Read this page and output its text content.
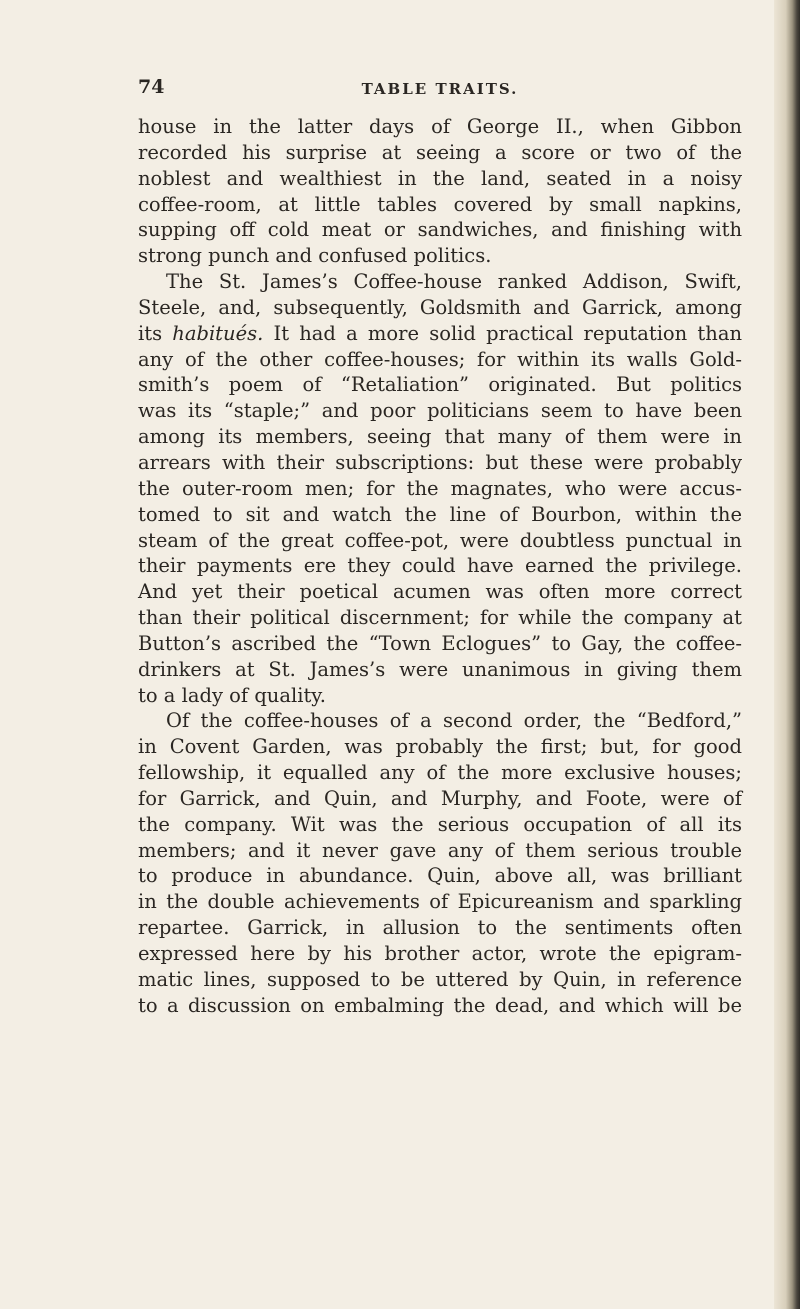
74	TABLE TRAITS.
house in the latter days of George II., when Gibbon
recorded his surprise at seeing a score or two of the
noblest and wealthiest in the land, seated in a noisy
coffee-room, at little tables covered by small napkins,
supping off cold meat or sandwiches, and finishing with
strong punch and confused politics.
The St. James’s Coffee-house ranked Addison, Swift,
Steele, and, subsequently, Goldsmith and Garrick, among
its habitués. It had a more solid practical reputation than
any of the other coffee-houses; for within its walls Gold-
smith’s poem of “Retaliation” originated. But politics
was its “staple;” and poor politicians seem to have been
among its members, seeing that many of them were in
arrears with their subscriptions: but these were probably
the outer-room men; for the magnates, who were accus-
tomed to sit and watch the line of Bourbon, within the
steam of the great coffee-pot, were doubtless punctual in
their payments ere they could have earned the privilege.
And yet their poetical acumen was often more correct
than their political discernment; for while the company at
Button’s ascribed the “Town Eclogues” to Gay, the coffee-
drinkers at St. James’s were unanimous in giving them
to a lady of quality.
Of the coffee-houses of a second order, the “Bedford,”
in Covent Garden, was probably the first; but, for good
fellowship, it equalled any of the more exclusive houses;
for Garrick, and Quin, and Murphy, and Foote, were of
the company. Wit was the serious occupation of all its
members; and it never gave any of them serious trouble
to produce in abundance. Quin, above all, was brilliant
in the double achievements of Epicureanism and sparkling
repartee. Garrick, in allusion to the sentiments often
expressed here by his brother actor, wrote the epigram-
matic lines, supposed to be uttered by Quin, in reference
to a discussion on embalming the dead, and which will be
